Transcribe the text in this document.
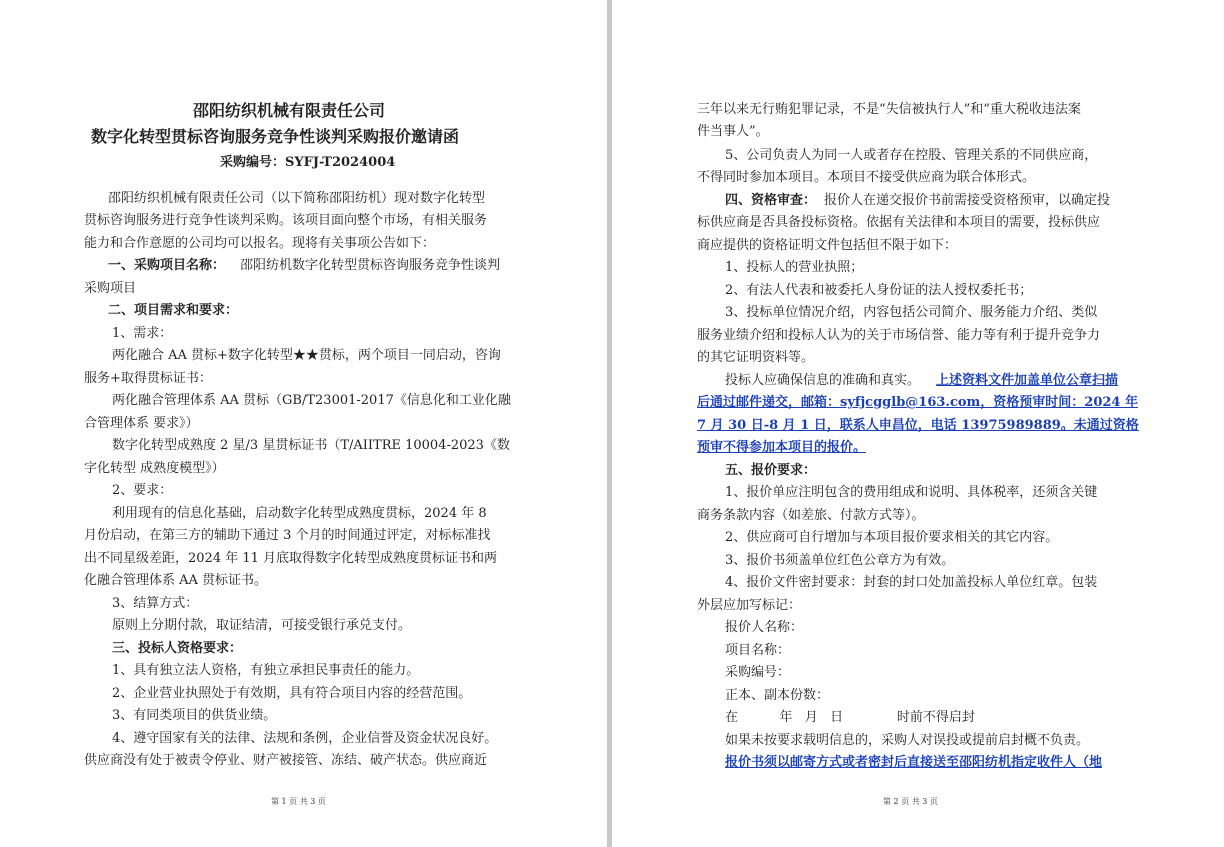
邵阳纺织机械有限责任公司
数字化转型贯标咨询服务竞争性谈判采购报价邀请函
采购编号：SYFJ-T2024004
邵阳纺织机械有限责任公司（以下简称邵阳纺机）现对数字化转型
贯标咨询服务进行竞争性谈判采购。该项目面向整个市场，有相关服务
能力和合作意愿的公司均可以报名。现将有关事项公告如下：
一、采购项目名称： 邵阳纺机数字化转型贯标咨询服务竞争性谈判
采购项目
二、项目需求和要求：
1、需求：
两化融合 AA 贯标+数字化转型★★贯标，两个项目一同启动，咨询
服务+取得贯标证书：
两化融合管理体系 AA 贯标（GB/T23001-2017《信息化和工业化融
合管理体系 要求》）
数字化转型成熟度 2 星/3 星贯标证书（T/AIITRE 10004-2023《数
字化转型 成熟度模型》）
2、要求：
利用现有的信息化基础，启动数字化转型成熟度贯标，2024 年 8
月份启动，在第三方的辅助下通过 3 个月的时间通过评定，对标标准找
出不同星级差距，2024 年 11 月底取得数字化转型成熟度贯标证书和两
化融合管理体系 AA 贯标证书。
3、结算方式：
原则上分期付款，取证结清，可接受银行承兑支付。
三、投标人资格要求：
1、具有独立法人资格，有独立承担民事责任的能力。
2、企业营业执照处于有效期，具有符合项目内容的经营范围。
3、有同类项目的供货业绩。
4、遵守国家有关的法律、法规和条例，企业信誉及资金状况良好。
供应商没有处于被责令停业、财产被接管、冻结、破产状态。供应商近
第 1 页 共 3 页
三年以来无行贿犯罪记录，不是“失信被执行人”和“重大税收违法案
件当事人”。
5、公司负责人为同一人或者存在控股、管理关系的不同供应商，
不得同时参加本项目。本项目不接受供应商为联合体形式。
四、资格审查： 报价人在递交报价书前需接受资格预审，以确定投
标供应商是否具备投标资格。依据有关法律和本项目的需要，投标供应
商应提供的资格证明文件包括但不限于如下：
1、投标人的营业执照；
2、有法人代表和被委托人身份证的法人授权委托书；
3、投标单位情况介绍，内容包括公司简介、服务能力介绍、类似
服务业绩介绍和投标人认为的关于市场信誉、能力等有利于提升竞争力
的其它证明资料等。
投标人应确保信息的准确和真实。 上述资料文件加盖单位公章扫描
后通过邮件递交，邮箱：syfjcgglb@163.com，资格预审时间：2024 年
7 月 30 日-8 月 1 日，联系人申昌位，电话 13975989889。未通过资格
预审不得参加本项目的报价。
五、报价要求：
1、报价单应注明包含的费用组成和说明、具体税率，还须含关键
商务条款内容（如差旅、付款方式等）。
2、供应商可自行增加与本项目报价要求相关的其它内容。
3、报价书须盖单位红色公章方为有效。
4、报价文件密封要求：封套的封口处加盖投标人单位红章。包装
外层应加写标记：
报价人名称：
项目名称：
采购编号：
正本、副本份数：
在          年   月   日             时前不得启封
如果未按要求载明信息的，采购人对误投或提前启封概不负责。
报价书须以邮寄方式或者密封后直接送至邵阳纺机指定收件人（地
第 2 页 共 3 页
